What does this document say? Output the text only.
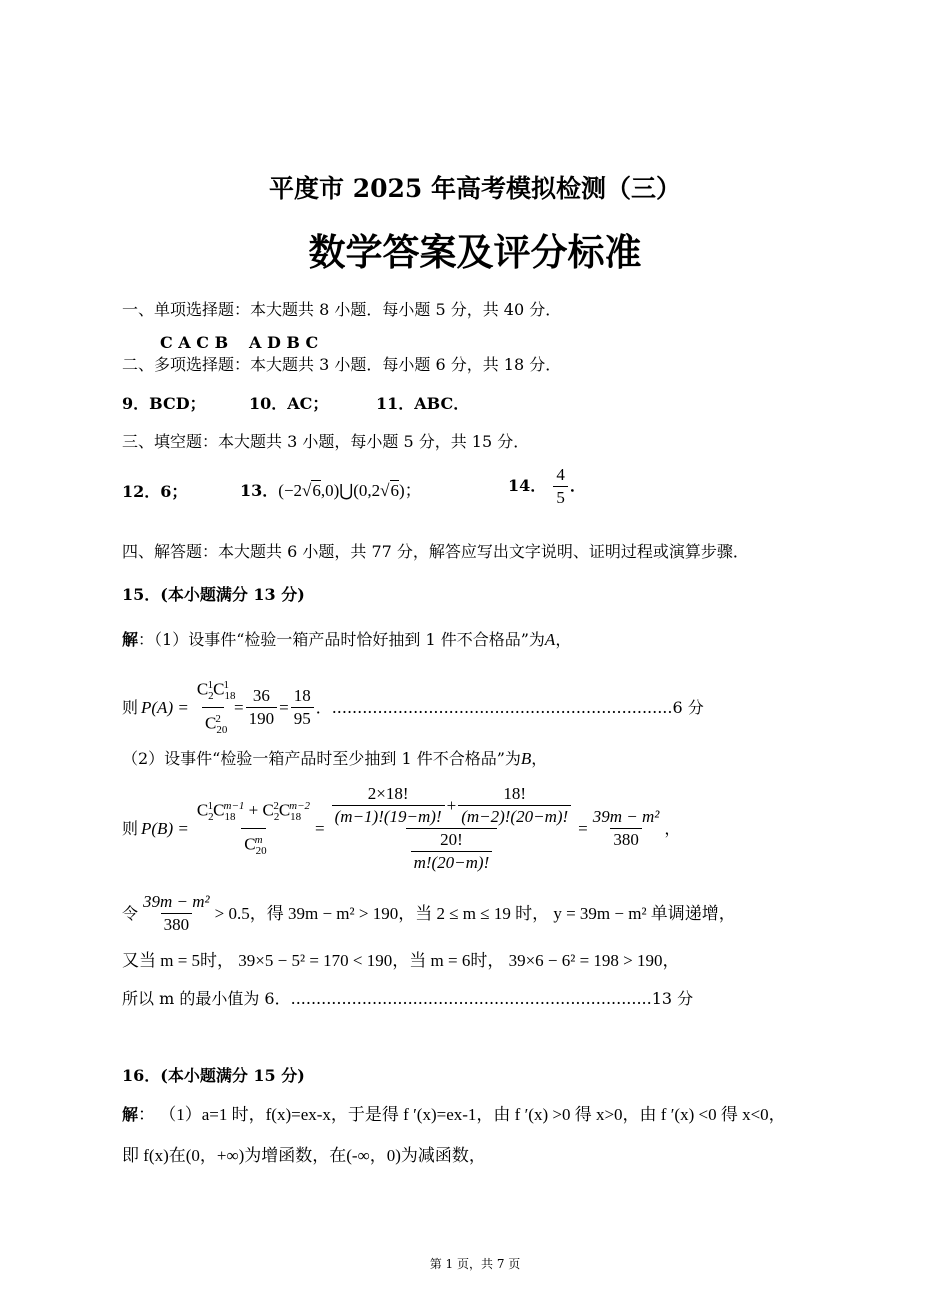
平度市 2025 年高考模拟检测（三）
数学答案及评分标准
一、单项选择题：本大题共 8 小题．每小题 5 分，共 40 分．
C A C B A D B C
二、多项选择题：本大题共 3 小题．每小题 6 分，共 18 分．
9．BCD；	10．AC；	11．ABC．
三、填空题：本大题共 3 小题，每小题 5 分，共 15 分．
12．6；	13．(−2√6,0)⋃(0,2√6)；	14． $\frac{4}{5}$ ．
四、解答题：本大题共 6 小题，共 77 分，解答应写出文字说明、证明过程或演算步骤．
15．(本小题满分 13 分)
解：（1）设事件“检验一箱产品时恰好抽到 1 件不合格品”为A，
则 $P(A) = \frac{C_2^1C_{18}^1}{C_{20}^2} = \frac{36}{190} = \frac{18}{95}$ ．...................................................................6 分
（2）设事件“检验一箱产品时至少抽到 1 件不合格品”为B，
则 $P(B) = \frac{C_2^1C_{18}^{m-1} + C_2^2C_{18}^{m-2}}{C_{20}^m}$ =
$\frac{2\times 18!}{(m-1)!(19-m)!} + \frac{18!}{(m-2)!(20-m)!}$
$\frac{20!}{m!(20-m)!}$
= $\frac{\text{39m − m²}}{380}$ ，
令 $\frac{\text{39m − m²}}{380} > 0.5$，得 39m − m² > 190，当 2 ≤ m ≤ 19 时， y = 39m − m² 单调递增，
又当 m = 5时， 39×5 − 5² = 170 < 190，当 m = 6时， 39×6 − 6² = 198 > 190，
所以 m 的最小值为 6．.......................................................................13 分
16．(本小题满分 15 分)
解： （1）a=1 时，f(x)=ex-x，于是得 f ′(x)=ex-1，由 f ′(x) >0 得 x>0，由 f ′(x) <0 得 x<0，
即 f(x)在(0，+∞)为增函数，在(-∞，0)为减函数，
第 1 页，共 7 页
